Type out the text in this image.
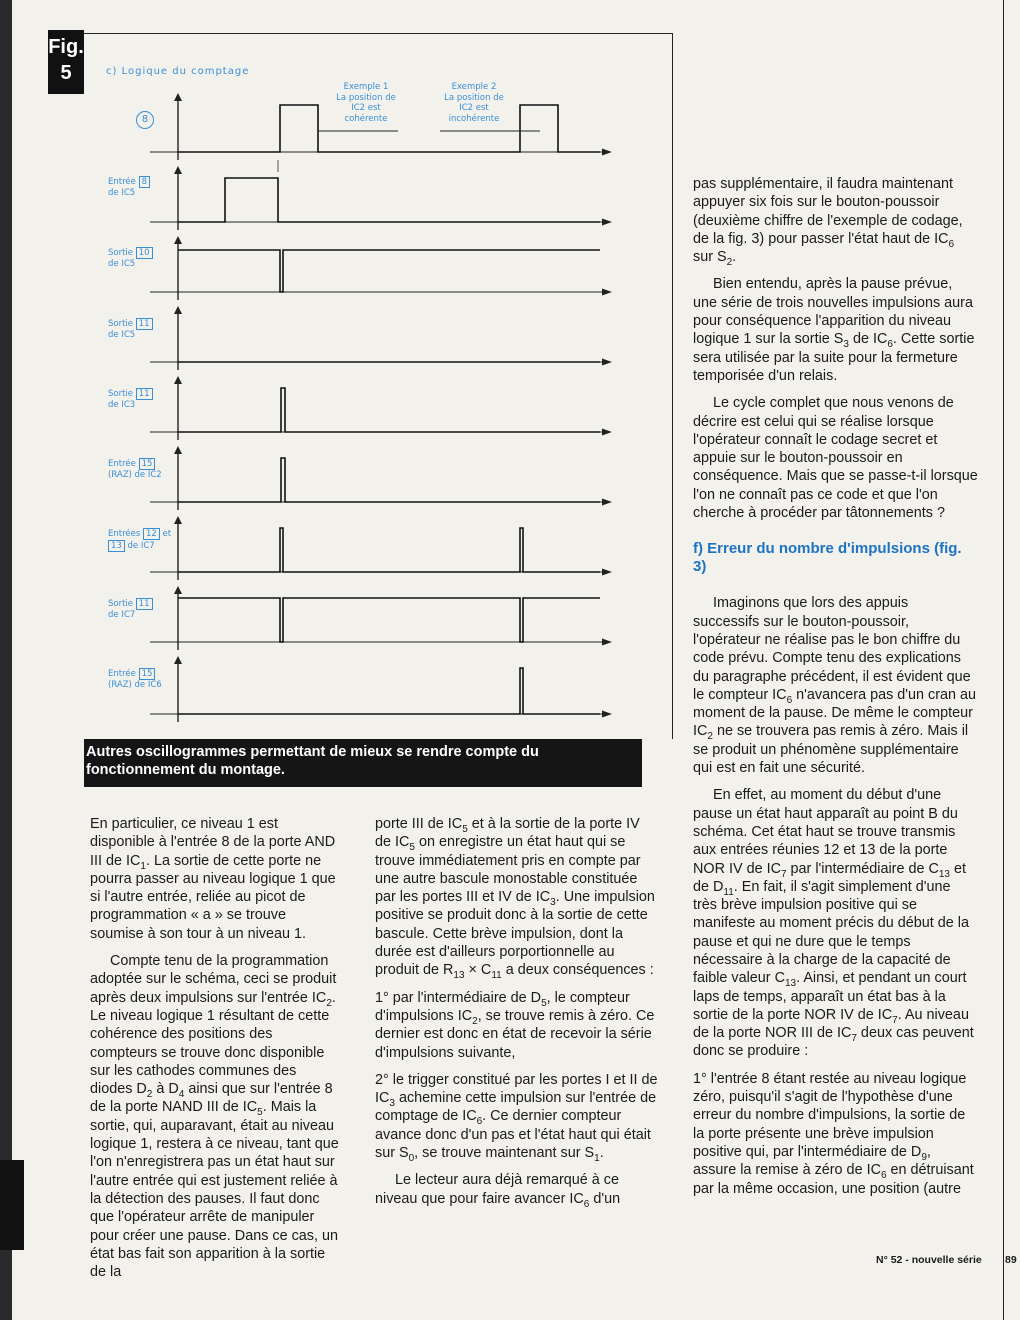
Fig. 5	c) Logique du comptage
8
Exemple 1
La position de
IC2 est
cohérente
Exemple 2
La position de
IC2 est
incohérente
Entrée 8
de IC5
Sortie 10
de IC5
Sortie 11
de IC5
Sortie 11
de IC3
Entrée 15
(RAZ) de IC2
Entrées 12 et
13 de IC7
Sortie 11
de IC7
Entrée 15
(RAZ) de IC6
Autres oscillogrammes permettant de mieux se rendre compte du fonctionnement du montage.

En particulier, ce niveau 1 est disponible à l'entrée 8 de la porte AND III de $IC_1$. La sortie de cette porte ne pourra passer au niveau logique 1 que si l'autre entrée, reliée au picot de programmation « a » se trouve soumise à son tour à un niveau 1.

Compte tenu de la programmation adoptée sur le schéma, ceci se produit après deux impulsions sur l'entrée $IC_2$. Le niveau logique 1 résultant de cette cohérence des positions des compteurs se trouve donc disponible sur les cathodes communes des diodes $D_2$ à $D_4$ ainsi que sur l'entrée 8 de la porte NAND III de $IC_5$. Mais la sortie, qui, auparavant, était au niveau logique 1, restera à ce niveau, tant que l'on n'enregistrera pas un état haut sur l'autre entrée qui est justement reliée à la détection des pauses. Il faut donc que l'opérateur arrête de manipuler pour créer une pause. Dans ce cas, un état bas fait son apparition à la sortie de la

porte III de $IC_5$ et à la sortie de la porte IV de $IC_5$ on enregistre un état haut qui se trouve immédiatement pris en compte par une autre bascule monostable constituée par les portes III et IV de $IC_3$. Une impulsion positive se produit donc à la sortie de cette bascule. Cette brève impulsion, dont la durée est d'ailleurs porportionnelle au produit de $R_{13} \times C_{11}$ a deux conséquences :

1° par l'intermédiaire de $D_5$, le compteur d'impulsions $IC_2$, se trouve remis à zéro. Ce dernier est donc en état de recevoir la série d'impulsions suivante,

2° le trigger constitué par les portes I et II de $IC_3$ achemine cette impulsion sur l'entrée de comptage de $IC_6$. Ce dernier compteur avance donc d'un pas et l'état haut qui était sur $S_0$, se trouve maintenant sur $S_1$.

Le lecteur aura déjà remarqué à ce niveau que pour faire avancer $IC_6$ d'un

pas supplémentaire, il faudra maintenant appuyer six fois sur le bouton-poussoir (deuxième chiffre de l'exemple de codage, de la fig. 3) pour passer l'état haut de $IC_6$ sur $S_2$.

Bien entendu, après la pause prévue, une série de trois nouvelles impulsions aura pour conséquence l'apparition du niveau logique 1 sur la sortie $S_3$ de $IC_6$. Cette sortie sera utilisée par la suite pour la fermeture temporisée d'un relais.

Le cycle complet que nous venons de décrire est celui qui se réalise lorsque l'opérateur connaît le codage secret et appuie sur le bouton-poussoir en conséquence. Mais que se passe-t-il lorsque l'on ne connaît pas ce code et que l'on cherche à procéder par tâtonnements ?

f) Erreur du nombre d'impulsions (fig. 3)

Imaginons que lors des appuis successifs sur le bouton-poussoir, l'opérateur ne réalise pas le bon chiffre du code prévu. Compte tenu des explications du paragraphe précédent, il est évident que le compteur $IC_6$ n'avancera pas d'un cran au moment de la pause. De même le compteur $IC_2$ ne se trouvera pas remis à zéro. Mais il se produit un phénomène supplémentaire qui est en fait une sécurité.

En effet, au moment du début d'une pause un état haut apparaît au point B du schéma. Cet état haut se trouve transmis aux entrées réunies 12 et 13 de la porte NOR IV de $IC_7$ par l'intermédiaire de $C_{13}$ et de $D_{11}$. En fait, il s'agit simplement d'une très brève impulsion positive qui se manifeste au moment précis du début de la pause et qui ne dure que le temps nécessaire à la charge de la capacité de faible valeur $C_{13}$. Ainsi, et pendant un court laps de temps, apparaît un état bas à la sortie de la porte NOR IV de $IC_7$. Au niveau de la porte NOR III de $IC_7$ deux cas peuvent donc se produire :

1° l'entrée 8 étant restée au niveau logique zéro, puisqu'il s'agit de l'hypothèse d'une erreur du nombre d'impulsions, la sortie de la porte présente une brève impulsion positive qui, par l'intermédiaire de $D_9$, assure la remise à zéro de $IC_6$ en détruisant par la même occasion, une position (autre

N° 52 - nouvelle série 89
